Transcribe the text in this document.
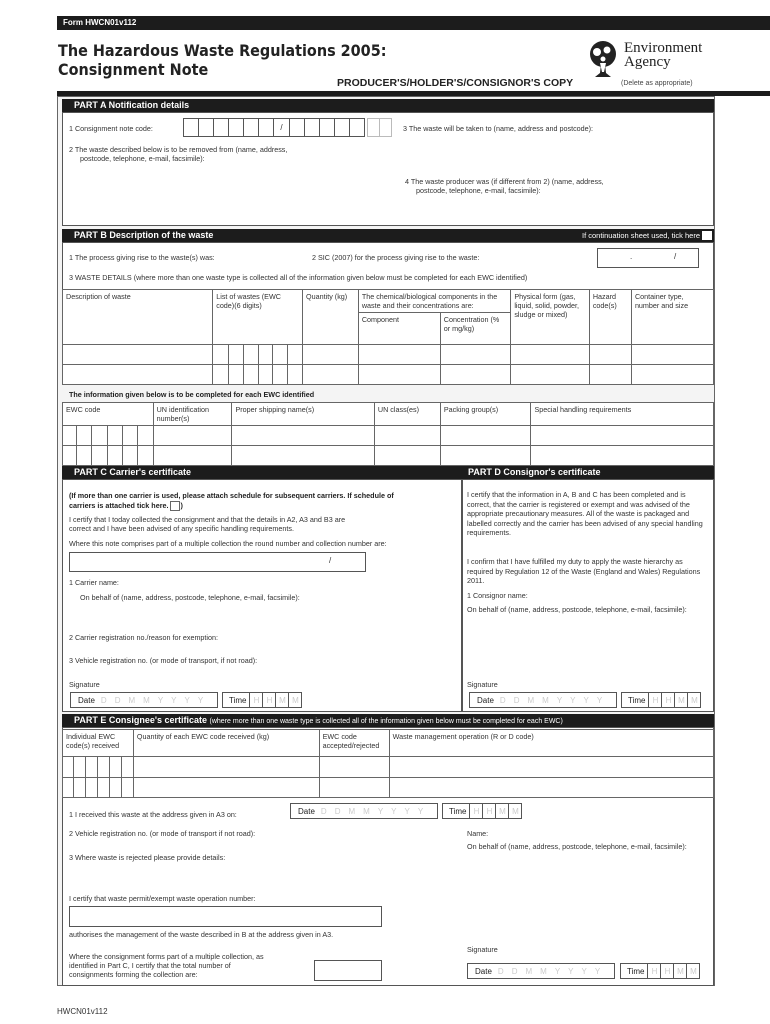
Form HWCN01v112
The Hazardous Waste Regulations 2005:
Consignment Note
Environment
Agency
PRODUCER'S/HOLDER'S/CONSIGNOR'S COPY	(Delete as appropriate)
PART A Notification details
1 Consignment note code:	/	3 The waste will be taken to (name, address and postcode):
2 The waste described below is to be removed from (name, address,
postcode, telephone, e-mail, facsimile):
4 The waste producer was (if different from 2) (name, address,
postcode, telephone, e-mail, facsimile):
PART B Description of the waste	If continuation sheet used, tick here
1 The process giving rise to the waste(s) was:	2 SIC (2007) for the process giving rise to the waste:	.	/
3 WASTE DETAILS (where more than one waste type is collected all of the information given below must be completed for each EWC identified)
Description of waste	List of wastes (EWC code)(6 digits)						Quantity (kg)	The chemical/biological components in the waste and their concentrations are:		Physical form (gas, liquid, solid, powder, sludge or mixed)	Hazard code(s)	Container type, number and size
								Component	Concentration (% or mg/kg)			

The information given below is to be completed for each EWC identified
EWC code						UN identification number(s)	Proper shipping name(s)	UN class(es)	Packing group(s)	Special handling requirements

PART C Carrier's certificate
(If more than one carrier is used, please attach schedule for subsequent carriers. If schedule of
carriers is attached tick here. )
I certify that I today collected the consignment and that the details in A2, A3 and B3 are
correct and I have been advised of any specific handling requirements.
Where this note comprises part of a multiple collection the round number and collection number are:
/
1 Carrier name:
On behalf of (name, address, postcode, telephone, e-mail, facsimile):
2 Carrier registration no./reason for exemption:
3 Vehicle registration no. (or mode of transport, if not road):
Signature
Date D D M M Y Y Y Y	Time H H M M
PART D Consignor's certificate
I certify that the information in A, B and C has been completed and is correct, that the carrier is registered or exempt and was advised of the appropriate precautionary measures. All of the waste is packaged and labelled correctly and the carrier has been advised of any special handling requirements.
I confirm that I have fulfilled my duty to apply the waste hierarchy as required by Regulation 12 of the Waste (England and Wales) Regulations 2011.
1 Consignor name:
On behalf of (name, address, postcode, telephone, e-mail, facsimile):
Signature
Date D D M M Y Y Y Y	Time H H M M
PART E Consignee's certificate (where more than one waste type is collected all of the information given below must be completed for each EWC)
Individual EWC code(s) received						Quantity of each EWC code received (kg)	EWC code accepted/rejected	Waste management operation (R or D code)

1 I received this waste at the address given in A3 on:	Date D D M M Y Y Y Y	Time H H M M
2 Vehicle registration no. (or mode of transport if not road):	Name:
On behalf of (name, address, postcode, telephone, e-mail, facsimile):
3 Where waste is rejected please provide details:
I certify that waste permit/exempt waste operation number:
authorises the management of the waste described in B at the address given in A3.
Where the consignment forms part of a multiple collection, as identified in Part C, I certify that the total number of consignments forming the collection are:
Signature
Date D D M M Y Y Y Y	Time H H M M
HWCN01v112
